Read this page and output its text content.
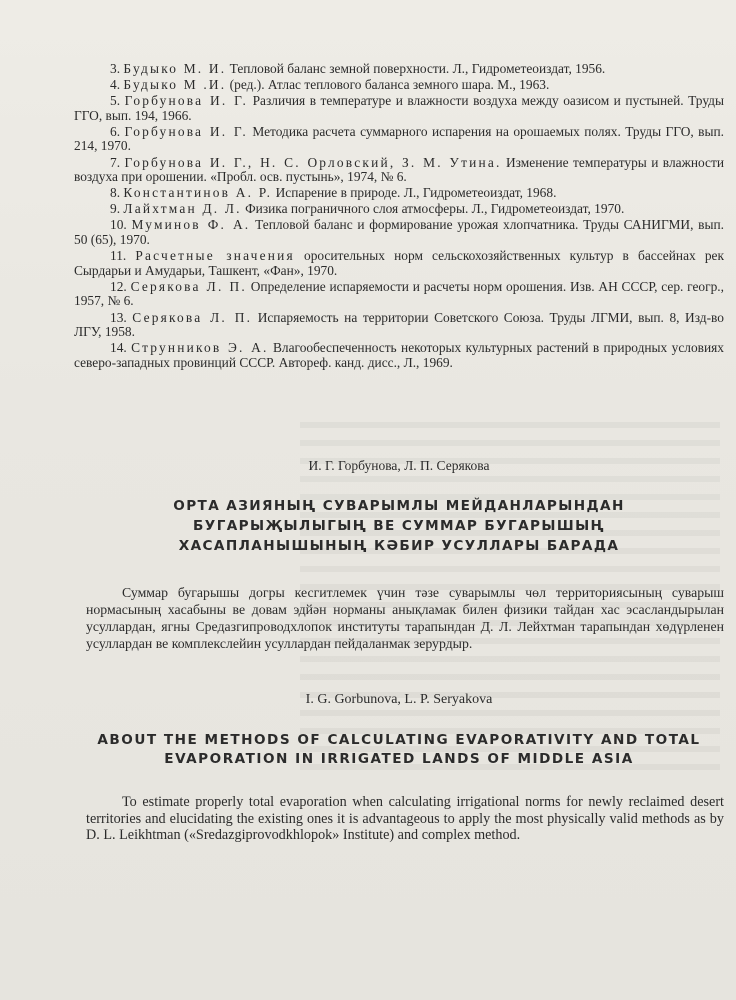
3. Будыко М. И. Тепловой баланс земной поверхности. Л., Гидрометеоиздат, 1956.

4. Будыко М .И. (ред.). Атлас теплового баланса земного шара. М., 1963.

5. Горбунова И. Г. Различия в температуре и влажности воздуха между оазисом и пустыней. Труды ГГО, вып. 194, 1966.

6. Горбунова И. Г. Методика расчета суммарного испарения на орошаемых полях. Труды ГГО, вып. 214, 1970.

7. Горбунова И. Г., Н. С. Орловский, З. М. Утина. Изменение температуры и влажности воздуха при орошении. «Пробл. осв. пустынь», 1974, № 6.

8. Константинов А. Р. Испарение в природе. Л., Гидрометеоиздат, 1968.

9. Лайхтман Д. Л. Физика пограничного слоя атмосферы. Л., Гидрометеоиздат, 1970.

10. Муминов Ф. А. Тепловой баланс и формирование урожая хлопчатника. Труды САНИГМИ, вып. 50 (65), 1970.

11. Расчетные значения оросительных норм сельскохозяйственных культур в бассейнах рек Сырдарьи и Амударьи, Ташкент, «Фан», 1970.

12. Серякова Л. П. Определение испаряемости и расчеты норм орошения. Изв. АН СССР, сер. геогр., 1957, № 6.

13. Серякова Л. П. Испаряемость на территории Советского Союза. Труды ЛГМИ, вып. 8, Изд-во ЛГУ, 1958.

14. Струнников Э. А. Влагообеспеченность некоторых культурных растений в природных условиях северо-западных провинций СССР. Автореф. канд. дисс., Л., 1969.

И. Г. Горбунова, Л. П. Серякова
ОРТА АЗИЯНЫҢ СУВАРЫМЛЫ МЕЙДАНЛАРЫНДАН
БУГАРЫҖЫЛЫГЫҢ ВЕ СУММАР БУГАРЫШЫҢ
ХАСАПЛАНЫШЫНЫҢ КӘБИР УСУЛЛАРЫ БАРАДА

Суммар бугарышы догры кесгитлемек үчин тәзе суварымлы чөл территориясының суварыш нормасының хасабыны ве довам эдйән норманы анықламак билен физики тайдан хас эсасландырылан усуллардан, ягны Средазгипроводхлопок институты тарапындан Д. Л. Лейхтман тарапындан хөдүрленен усуллардан ве комплекслейин усуллардан пейдаланмак зерурдыр.

I. G. Gorbunova, L. P. Seryakova
ABOUT THE METHODS OF CALCULATING EVAPORATIVITY AND TOTAL
EVAPORATION IN IRRIGATED LANDS OF MIDDLE ASIA

To estimate properly total evaporation when calculating irrigational norms for newly reclaimed desert territories and elucidating the existing ones it is advantageous to apply the most physically valid methods as by D. L. Leikhtman («Sredazgiprovodkhlopok» Institute) and complex method.
